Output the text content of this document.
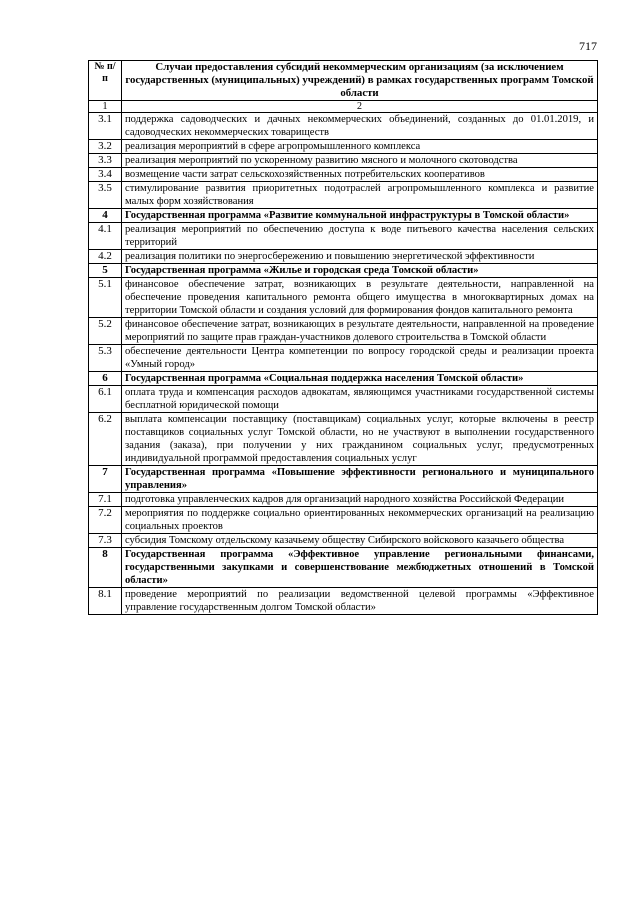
717
№ п/п	Случаи предоставления субсидий некоммерческим организациям (за исключением государственных (муниципальных) учреждений) в рамках государственных программ Томской области
1	2
3.1	поддержка садоводческих и дачных некоммерческих объединений, созданных до 01.01.2019, и садоводческих некоммерческих товариществ
3.2	реализация мероприятий в сфере агропромышленного комплекса
3.3	реализация мероприятий по ускоренному развитию мясного и молочного скотоводства
3.4	возмещение части затрат сельскохозяйственных потребительских кооперативов
3.5	стимулирование развития приоритетных подотраслей агропромышленного комплекса и развитие малых форм хозяйствования
4	Государственная программа «Развитие коммунальной инфраструктуры в Томской области»
4.1	реализация мероприятий по обеспечению доступа к воде питьевого качества населения сельских территорий
4.2	реализация политики по энергосбережению и повышению энергетической эффективности
5	Государственная программа «Жилье и городская среда Томской области»
5.1	финансовое обеспечение затрат, возникающих в результате деятельности, направленной на обеспечение проведения капитального ремонта общего имущества в многоквартирных домах на территории Томской области и создания условий для формирования фондов капитального ремонта
5.2	финансовое обеспечение затрат, возникающих в результате деятельности, направленной на проведение мероприятий по защите прав граждан-участников долевого строительства в Томской области
5.3	обеспечение деятельности Центра компетенции по вопросу городской среды и реализации проекта «Умный город»
6	Государственная программа «Социальная поддержка населения Томской области»
6.1	оплата труда и компенсация расходов адвокатам, являющимся участниками государственной системы бесплатной юридической помощи
6.2	выплата компенсации поставщику (поставщикам) социальных услуг, которые включены в реестр поставщиков социальных услуг Томской области, но не участвуют в выполнении государственного задания (заказа), при получении у них гражданином социальных услуг, предусмотренных индивидуальной программой предоставления социальных услуг
7	Государственная программа «Повышение эффективности регионального и муниципального управления»
7.1	подготовка управленческих кадров для организаций народного хозяйства Российской Федерации
7.2	мероприятия по поддержке социально ориентированных некоммерческих организаций на реализацию социальных проектов
7.3	субсидия Томскому отдельскому казачьему обществу Сибирского войскового казачьего общества
8	Государственная программа «Эффективное управление региональными финансами, государственными закупками и совершенствование межбюджетных отношений в Томской области»
8.1	проведение мероприятий по реализации ведомственной целевой программы «Эффективное управление государственным долгом Томской области»
